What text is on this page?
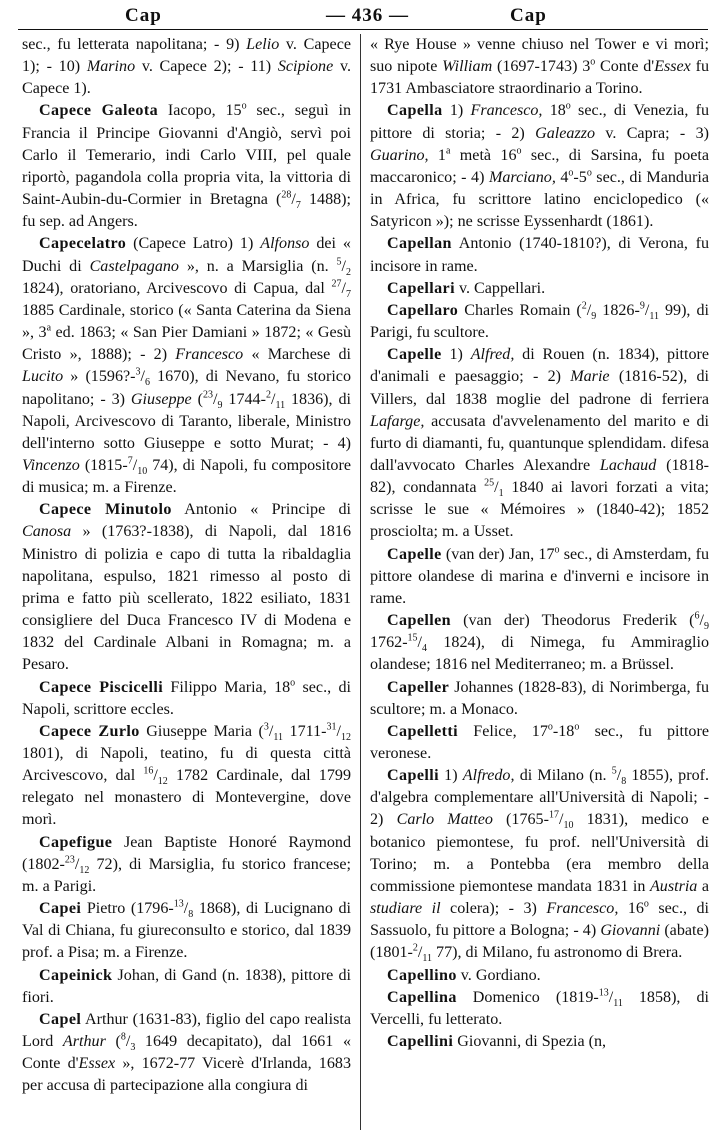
Cap	— 436 —	Cap

sec., fu letterata napolitana; - 9) Lelio v. Capece 1); - 10) Marino v. Capece 2); - 11) Scipione v. Capece 1).

Capece Galeota Iacopo, 15$^o$ sec., seguì in Francia il Principe Giovanni d'Angiò, servì poi Carlo il Temerario, indi Carlo VIII, pel quale riportò, pagandola colla propria vita, la vittoria di Saint-Aubin-du-Cormier in Bretagna ($^{28}/_7$ 1488); fu sep. ad Angers.

Capecelatro (Capece Latro) 1) Alfonso dei « Duchi di Castelpagano », n. a Marsiglia (n. $^5/_2$ 1824), oratoriano, Arcivescovo di Capua, dal $^{27}/_7$ 1885 Cardinale, storico (« Santa Caterina da Siena », 3$^a$ ed. 1863; « San Pier Damiani » 1872; « Gesù Cristo », 1888); - 2) Francesco « Marchese di Lucito » ($1596?-^3/_6$ 1670), di Nevano, fu storico napolitano; - 3) Giuseppe ($^{23}/_9$ $1744-^2/_{11}$ 1836), di Napoli, Arcivescovo di Taranto, liberale, Ministro dell'interno sotto Giuseppe e sotto Murat; - 4) Vincenzo ($1815-^7/_{10}$ 74), di Napoli, fu compositore di musica; m. a Firenze.

Capece Minutolo Antonio « Principe di Canosa » (1763?-1838), di Napoli, dal 1816 Ministro di polizia e capo di tutta la ribaldaglia napolitana, espulso, 1821 rimesso al posto di prima e fatto più scellerato, 1822 esiliato, 1831 consigliere del Duca Francesco IV di Modena e 1832 del Cardinale Albani in Romagna; m. a Pesaro.

Capece Piscicelli Filippo Maria, 18$^o$ sec., di Napoli, scrittore eccles.

Capece Zurlo Giuseppe Maria ($^3/_{11}$ $1711-^{31}/_{12}$ 1801), di Napoli, teatino, fu di questa città Arcivescovo, dal $^{16}/_{12}$ 1782 Cardinale, dal 1799 relegato nel monastero di Montevergine, dove morì.

Capefigue Jean Baptiste Honoré Raymond ($1802-^{23}/_{12}$ 72), di Marsiglia, fu storico francese; m. a Parigi.

Capei Pietro ($1796-^{13}/_8$ 1868), di Lucignano di Val di Chiana, fu giureconsulto e storico, dal 1839 prof. a Pisa; m. a Firenze.

Capeinick Johan, di Gand (n. 1838), pittore di fiori.

Capel Arthur (1631-83), figlio del capo realista Lord Arthur ($^8/_3$ 1649 decapitato), dal 1661 « Conte d'Essex », 1672-77 Vicerè d'Irlanda, 1683 per accusa di partecipazione alla congiura di

« Rye House » venne chiuso nel Tower e vi morì; suo nipote William (1697-1743) 3$^o$ Conte d'Essex fu 1731 Ambasciatore straordinario a Torino.

Capella 1) Francesco, 18$^o$ sec., di Venezia, fu pittore di storia; - 2) Galeazzo v. Capra; - 3) Guarino, 1$^a$ metà 16$^o$ sec., di Sarsina, fu poeta maccaronico; - 4) Marciano, 4$^o$-5$^o$ sec., di Manduria in Africa, fu scrittore latino enciclopedico (« Satyricon »); ne scrisse Eyssenhardt (1861).

Capellan Antonio (1740-1810?), di Verona, fu incisore in rame.

Capellari v. Cappellari.

Capellaro Charles Romain ($^2/_9$ $1826-^9/_{11}$ 99), di Parigi, fu scultore.

Capelle 1) Alfred, di Rouen (n. 1834), pittore d'animali e paesaggio; - 2) Marie (1816-52), di Villers, dal 1838 moglie del padrone di ferriera Lafarge, accusata d'avvelenamento del marito e di furto di diamanti, fu, quantunque splendidam. difesa dall'avvocato Charles Alexandre Lachaud (1818-82), condannata $^{25}/_1$ 1840 ai lavori forzati a vita; scrisse le sue « Mémoires » (1840-42); 1852 prosciolta; m. a Usset.

Capelle (van der) Jan, 17$^o$ sec., di Amsterdam, fu pittore olandese di marina e d'inverni e incisore in rame.

Capellen (van der) Theodorus Frederik ($^6/_9$ $1762-^{15}/_4$ 1824), di Nimega, fu Ammiraglio olandese; 1816 nel Mediterraneo; m. a Brüssel.

Capeller Johannes (1828-83), di Norimberga, fu scultore; m. a Monaco.

Capelletti Felice, 17$^o$-18$^o$ sec., fu pittore veronese.

Capelli 1) Alfredo, di Milano (n. $^5/_8$ 1855), prof. d'algebra complementare all'Università di Napoli; - 2) Carlo Matteo ($1765-^{17}/_{10}$ 1831), medico e botanico piemontese, fu prof. nell'Università di Torino; m. a Pontebba (era membro della commissione piemontese mandata 1831 in Austria a studiare il colera); - 3) Francesco, 16$^o$ sec., di Sassuolo, fu pittore a Bologna; - 4) Giovanni (abate) ($1801-^2/_{11}$ 77), di Milano, fu astronomo di Brera.

Capellino v. Gordiano.

Capellina Domenico ($1819-^{13}/_{11}$ 1858), di Vercelli, fu letterato.

Capellini Giovanni, di Spezia (n,
